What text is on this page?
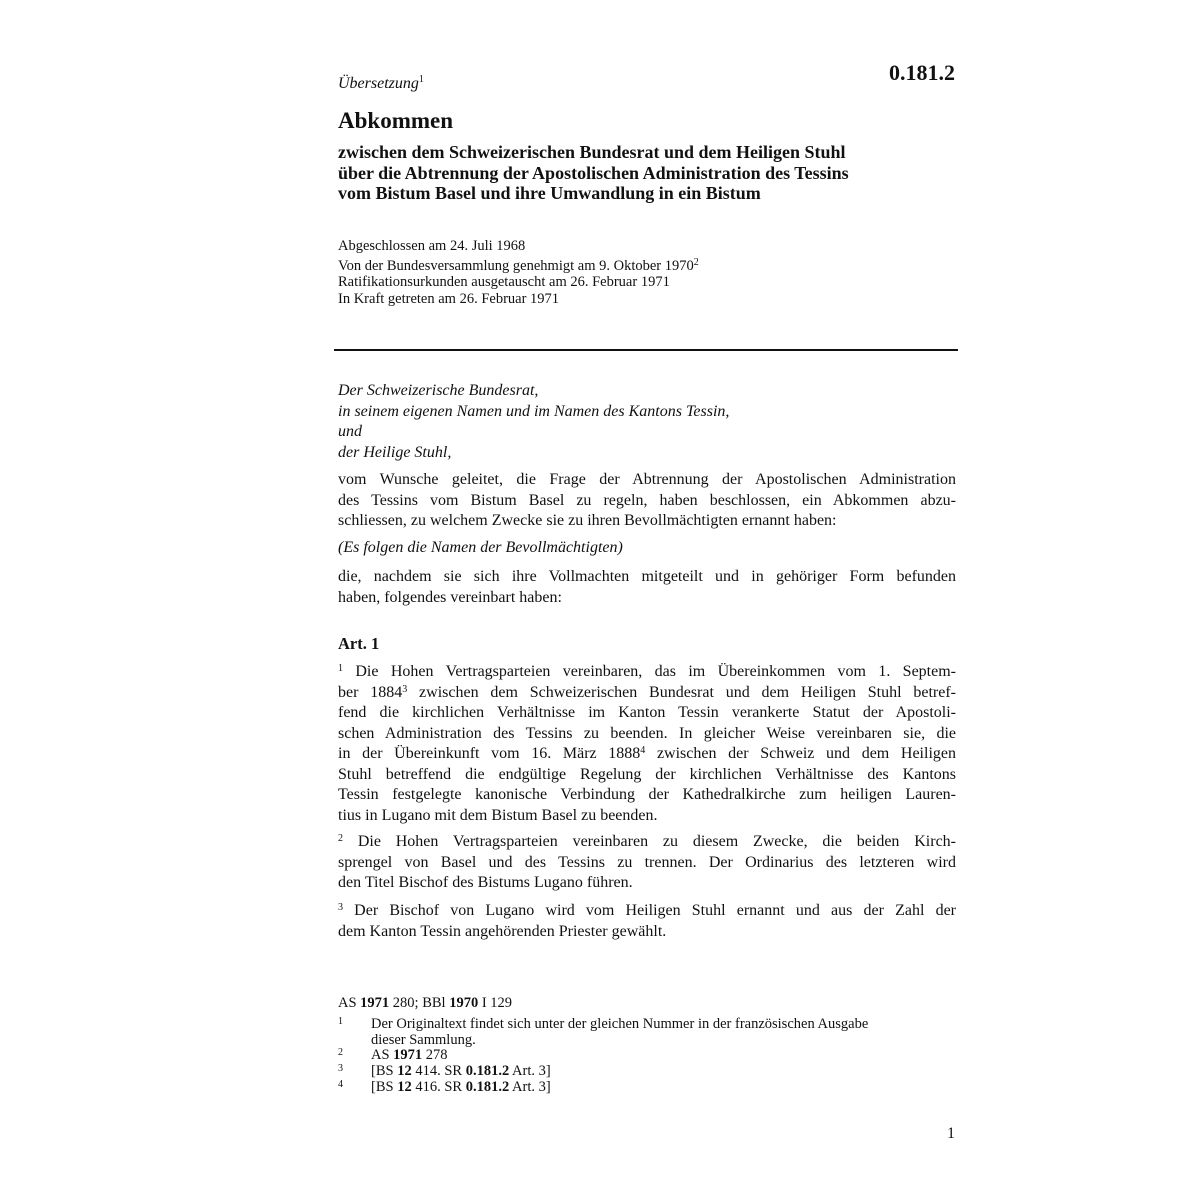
Übersetzung$^1$	0.181.2
Abkommen
zwischen dem Schweizerischen Bundesrat und dem Heiligen Stuhl
über die Abtrennung der Apostolischen Administration des Tessins
vom Bistum Basel und ihre Umwandlung in ein Bistum
Abgeschlossen am 24. Juli 1968
Von der Bundesversammlung genehmigt am 9. Oktober 1970$^2$
Ratifikationsurkunden ausgetauscht am 26. Februar 1971
In Kraft getreten am 26. Februar 1971
Der Schweizerische Bundesrat,
in seinem eigenen Namen und im Namen des Kantons Tessin,
und
der Heilige Stuhl,
vom Wunsche geleitet, die Frage der Abtrennung der Apostolischen Administration
des Tessins vom Bistum Basel zu regeln, haben beschlossen, ein Abkommen abzu-
schliessen, zu welchem Zwecke sie zu ihren Bevollmächtigten ernannt haben:
(Es folgen die Namen der Bevollmächtigten)
die, nachdem sie sich ihre Vollmachten mitgeteilt und in gehöriger Form befunden
haben, folgendes vereinbart haben:
Art. 1
$^1$ Die Hohen Vertragsparteien vereinbaren, das im Übereinkommen vom 1. Septem-
ber 1884$^3$ zwischen dem Schweizerischen Bundesrat und dem Heiligen Stuhl betref-
fend die kirchlichen Verhältnisse im Kanton Tessin verankerte Statut der Apostoli-
schen Administration des Tessins zu beenden. In gleicher Weise vereinbaren sie, die
in der Übereinkunft vom 16. März 1888$^4$ zwischen der Schweiz und dem Heiligen
Stuhl betreffend die endgültige Regelung der kirchlichen Verhältnisse des Kantons
Tessin festgelegte kanonische Verbindung der Kathedralkirche zum heiligen Lauren-
tius in Lugano mit dem Bistum Basel zu beenden.
$^2$ Die Hohen Vertragsparteien vereinbaren zu diesem Zwecke, die beiden Kirch-
sprengel von Basel und des Tessins zu trennen. Der Ordinarius des letzteren wird
den Titel Bischof des Bistums Lugano führen.
$^3$ Der Bischof von Lugano wird vom Heiligen Stuhl ernannt und aus der Zahl der
dem Kanton Tessin angehörenden Priester gewählt.
AS 1971 280; BBl 1970 I 129
1 Der Originaltext findet sich unter der gleichen Nummer in der französischen Ausgabe
dieser Sammlung.
2 AS 1971 278
3 [BS 12 414. SR 0.181.2 Art. 3]
4 [BS 12 416. SR 0.181.2 Art. 3]
1
